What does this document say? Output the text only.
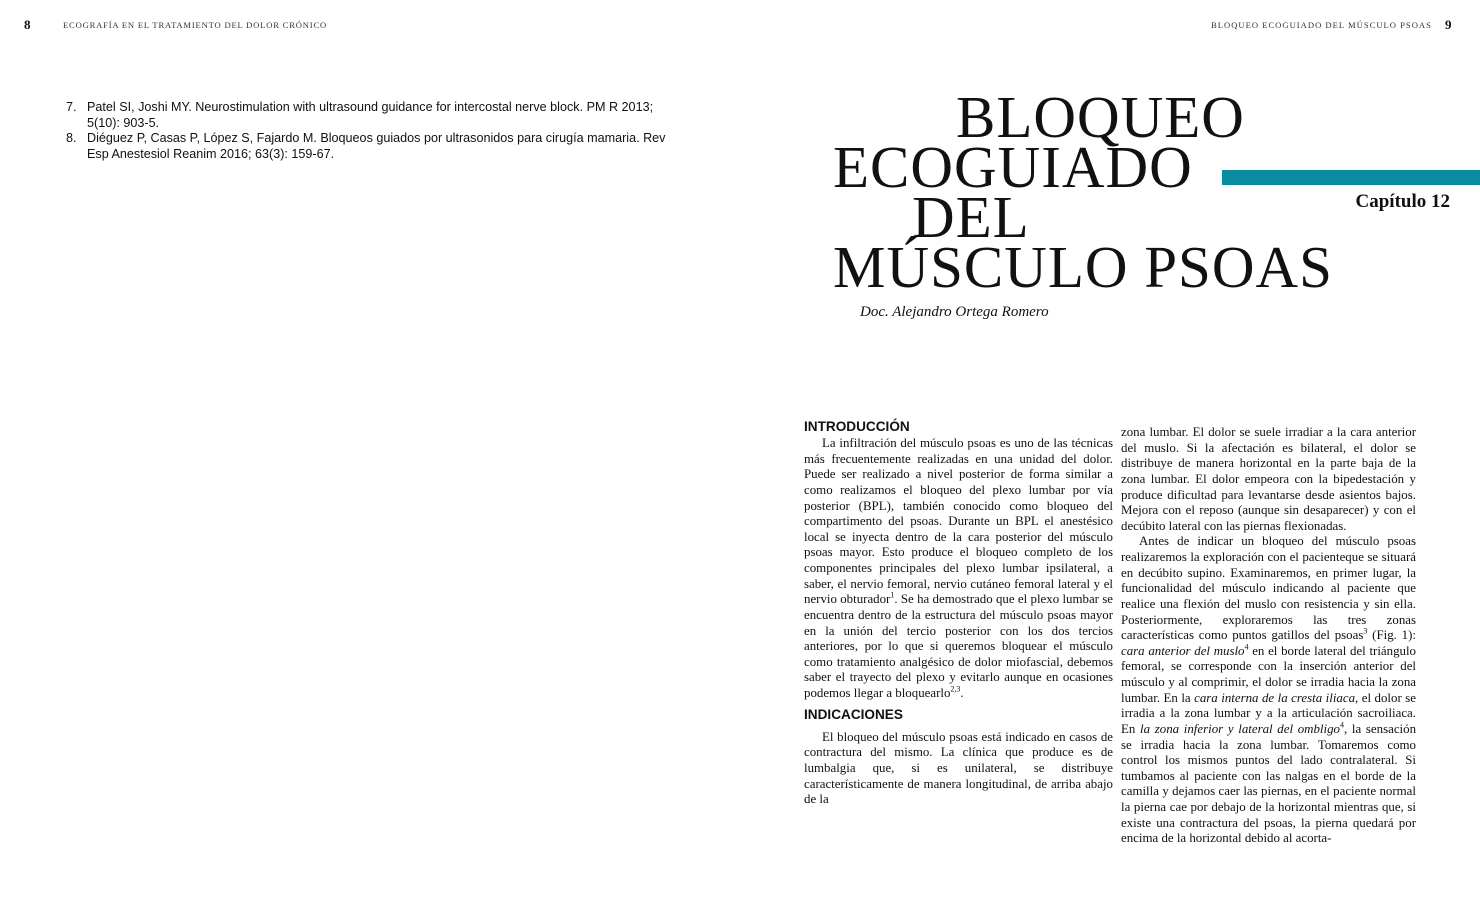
8	ECOGRAFÍA EN EL TRATAMIENTO DEL DOLOR CRÓNICO
7. Patel SI, Joshi MY. Neurostimulation with ultrasound guidance for intercostal nerve block. PM R 2013; 5(10): 903-5.
8. Diéguez P, Casas P, López S, Fajardo M. Bloqueos guiados por ultrasonidos para cirugía mamaria. Rev Esp Anestesiol Reanim 2016; 63(3): 159-67.
BLOQUEO ECOGUIADO DEL MÚSCULO PSOAS 9
BLOQUEO
ECOGUIADO
DEL
MÚSCULO PSOAS
Capítulo 12
Doc. Alejandro Ortega Romero
INTRODUCCIÓN

La infiltración del músculo psoas es uno de las técnicas más frecuentemente realizadas en una unidad del dolor. Puede ser realizado a nivel posterior de forma similar a como realizamos el bloqueo del plexo lumbar por vía posterior (BPL), también conocido como bloqueo del compartimento del psoas. Durante un BPL el anestésico local se inyecta dentro de la cara posterior del músculo psoas mayor. Esto produce el bloqueo completo de los componentes principales del plexo lumbar ipsilateral, a saber, el nervio femoral, nervio cutáneo femoral lateral y el nervio obturador$^1$. Se ha demostrado que el plexo lumbar se encuentra dentro de la estructura del músculo psoas mayor en la unión del tercio posterior con los dos tercios anteriores, por lo que si queremos bloquear el músculo como tratamiento analgésico de dolor miofascial, debemos saber el trayecto del plexo y evitarlo aunque en ocasiones podemos llegar a bloquearlo$^{2,3}$.

INDICACIONES

El bloqueo del músculo psoas está indicado en casos de contractura del mismo. La clínica que produce es de lumbalgia que, si es unilateral, se distribuye característicamente de manera longitudinal, de arriba abajo de la

zona lumbar. El dolor se suele irradiar a la cara anterior del muslo. Si la afectación es bilateral, el dolor se distribuye de manera horizontal en la parte baja de la zona lumbar. El dolor empeora con la bipedestación y produce dificultad para levantarse desde asientos bajos. Mejora con el reposo (aunque sin desaparecer) y con el decúbito lateral con las piernas flexionadas.

Antes de indicar un bloqueo del músculo psoas realizaremos la exploración con el pacienteque se situará en decúbito supino. Examinaremos, en primer lugar, la funcionalidad del músculo indicando al paciente que realice una flexión del muslo con resistencia y sin ella. Posteriormente, exploraremos las tres zonas características como puntos gatillos del psoas$^3$ (Fig. 1): cara anterior del muslo$^4$ en el borde lateral del triángulo femoral, se corresponde con la inserción anterior del músculo y al comprimir, el dolor se irradia hacia la zona lumbar. En la cara interna de la cresta iliaca, el dolor se irradia a la zona lumbar y a la articulación sacroiliaca. En la zona inferior y lateral del ombligo$^4$, la sensación se irradia hacia la zona lumbar. Tomaremos como control los mismos puntos del lado contralateral. Si tumbamos al paciente con las nalgas en el borde de la camilla y dejamos caer las piernas, en el paciente normal la pierna cae por debajo de la horizontal mientras que, si existe una contractura del psoas, la pierna quedará por encima de la horizontal debido al acorta-
